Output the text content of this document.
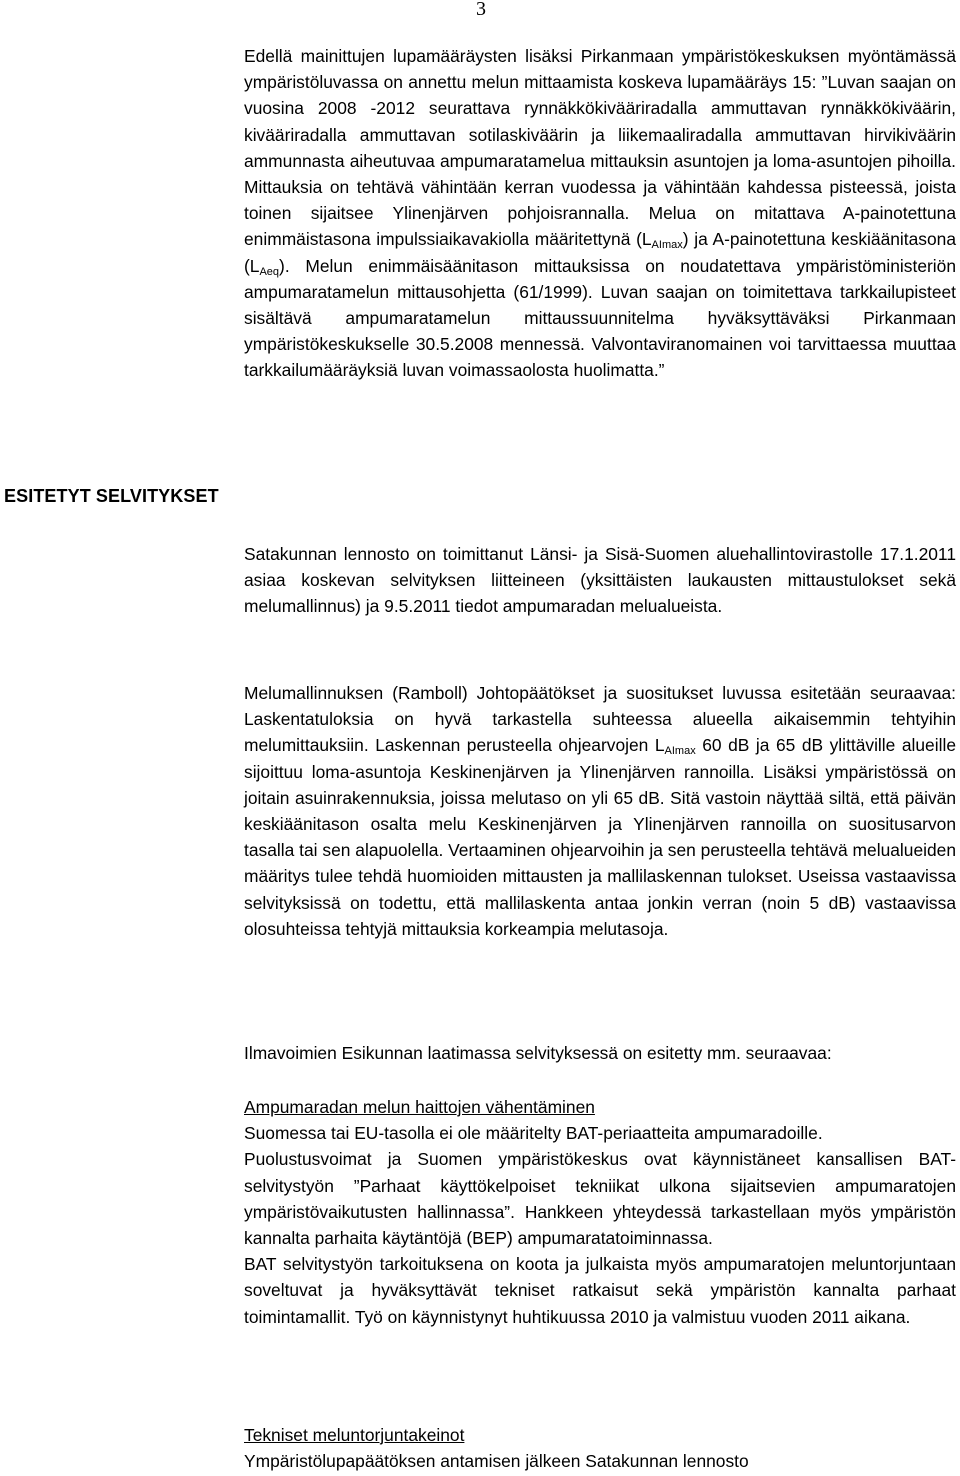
3
ESITETYT SELVITYKSET

Edellä mainittujen lupamääräysten lisäksi Pirkanmaan ympäristökeskuksen myöntämässä ympäristöluvassa on annettu melun mittaamista koskeva lupamääräys 15: ”Luvan saajan on vuosina 2008 -2012 seurattava rynnäkkökivääriradalla ammuttavan rynnäkkökiväärin, kivääriradalla ammuttavan sotilaskiväärin ja liikemaaliradalla ammuttavan hirvikiväärin ammunnasta aiheutuvaa ampumaratamelua mittauksin asuntojen ja loma-asuntojen pihoilla. Mittauksia on tehtävä vähintään kerran vuodessa ja vähintään kahdessa pisteessä, joista toinen sijaitsee Ylinenjärven pohjoisrannalla. Melua on mitattava A-painotettuna enimmäistasona impulssiaikavakiolla määritettynä $(L_{AImax})$ ja A-painotettuna keskiäänitasona $(L_{Aeq})$. Melun enimmäisäänitason mittauksissa on noudatettava ympäristöministeriön ampumaratamelun mittausohjetta (61/1999). Luvan saajan on toimitettava tarkkailupisteet sisältävä ampumaratamelun mittaussuunnitelma hyväksyttäväksi Pirkanmaan ympäristökeskukselle 30.5.2008 mennessä. Valvontaviranomainen voi tarvittaessa muuttaa tarkkailumääräyksiä luvan voimassaolosta huolimatta.”

Satakunnan lennosto on toimittanut Länsi- ja Sisä-Suomen aluehallintovirastolle 17.1.2011 asiaa koskevan selvityksen liitteineen (yksittäisten laukausten mittaustulokset sekä melumallinnus) ja 9.5.2011 tiedot ampumaradan melualueista.

Melumallinnuksen (Ramboll) Johtopäätökset ja suositukset luvussa esitetään seuraavaa: Laskentatuloksia on hyvä tarkastella suhteessa alueella aikaisemmin tehtyihin melumittauksiin. Laskennan perusteella ohjearvojen $L_{AImax}$ 60 dB ja 65 dB ylittäville alueille sijoittuu loma-asuntoja Keskinenjärven ja Ylinenjärven rannoilla. Lisäksi ympäristössä on joitain asuinrakennuksia, joissa melutaso on yli 65 dB. Sitä vastoin näyttää siltä, että päivän keskiäänitason osalta melu Keskinenjärven ja Ylinenjärven rannoilla on suositusarvon tasalla tai sen alapuolella. Vertaaminen ohjearvoihin ja sen perusteella tehtävä melualueiden määritys tulee tehdä huomioiden mittausten ja mallilaskennan tulokset. Useissa vastaavissa selvityksissä on todettu, että mallilaskenta antaa jonkin verran (noin 5 dB) vastaavissa olosuhteissa tehtyjä mittauksia korkeampia melutasoja.

Ilmavoimien Esikunnan laatimassa selvityksessä on esitetty mm. seuraavaa:

Ampumaradan melun haittojen vähentäminen

Suomessa tai EU-tasolla ei ole määritelty BAT-periaatteita ampumaradoille.

Puolustusvoimat ja Suomen ympäristökeskus ovat käynnistäneet kansallisen BAT-selvitystyön ”Parhaat käyttökelpoiset tekniikat ulkona sijaitsevien ampumaratojen ympäristövaikutusten hallinnassa”. Hankkeen yhteydessä tarkastellaan myös ympäristön kannalta parhaita käytäntöjä (BEP) ampumaratatoiminnassa.

BAT selvitystyön tarkoituksena on koota ja julkaista myös ampumaratojen meluntorjuntaan soveltuvat ja hyväksyttävät tekniset ratkaisut sekä ympäristön kannalta parhaat toimintamallit. Työ on käynnistynyt huhtikuussa 2010 ja valmistuu vuoden 2011 aikana.

Tekniset meluntorjuntakeinot

Ympäristölupapäätöksen antamisen jälkeen Satakunnan lennosto
